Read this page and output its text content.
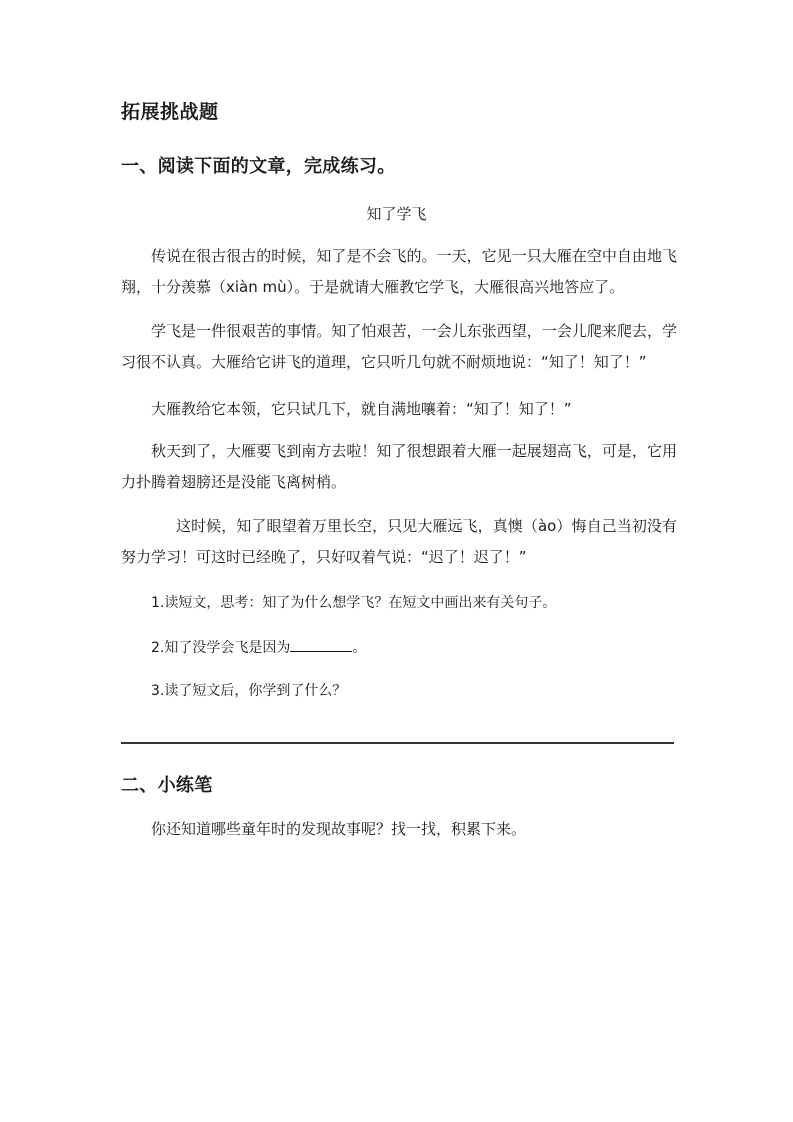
拓展挑战题
一、阅读下面的文章，完成练习。
知了学飞

传说在很古很古的时候，知了是不会飞的。一天，它见一只大雁在空中自由地飞翔，十分羡慕（xiàn mù）。于是就请大雁教它学飞，大雁很高兴地答应了。

学飞是一件很艰苦的事情。知了怕艰苦，一会儿东张西望，一会儿爬来爬去，学习很不认真。大雁给它讲飞的道理，它只听几句就不耐烦地说：“知了！知了！”

大雁教给它本领，它只试几下，就自满地嚷着：“知了！知了！”

秋天到了，大雁要飞到南方去啦！知了很想跟着大雁一起展翅高飞，可是，它用力扑腾着翅膀还是没能飞离树梢。

这时候，知了眼望着万里长空，只见大雁远飞，真懊（ào）悔自己当初没有努力学习！可这时已经晚了，只好叹着气说：“迟了！迟了！”

1.读短文，思考：知了为什么想学飞？在短文中画出来有关句子。
2.知了没学会飞是因为	。
3.读了短文后，你学到了什么？
二、小练笔
你还知道哪些童年时的发现故事呢？找一找，积累下来。
